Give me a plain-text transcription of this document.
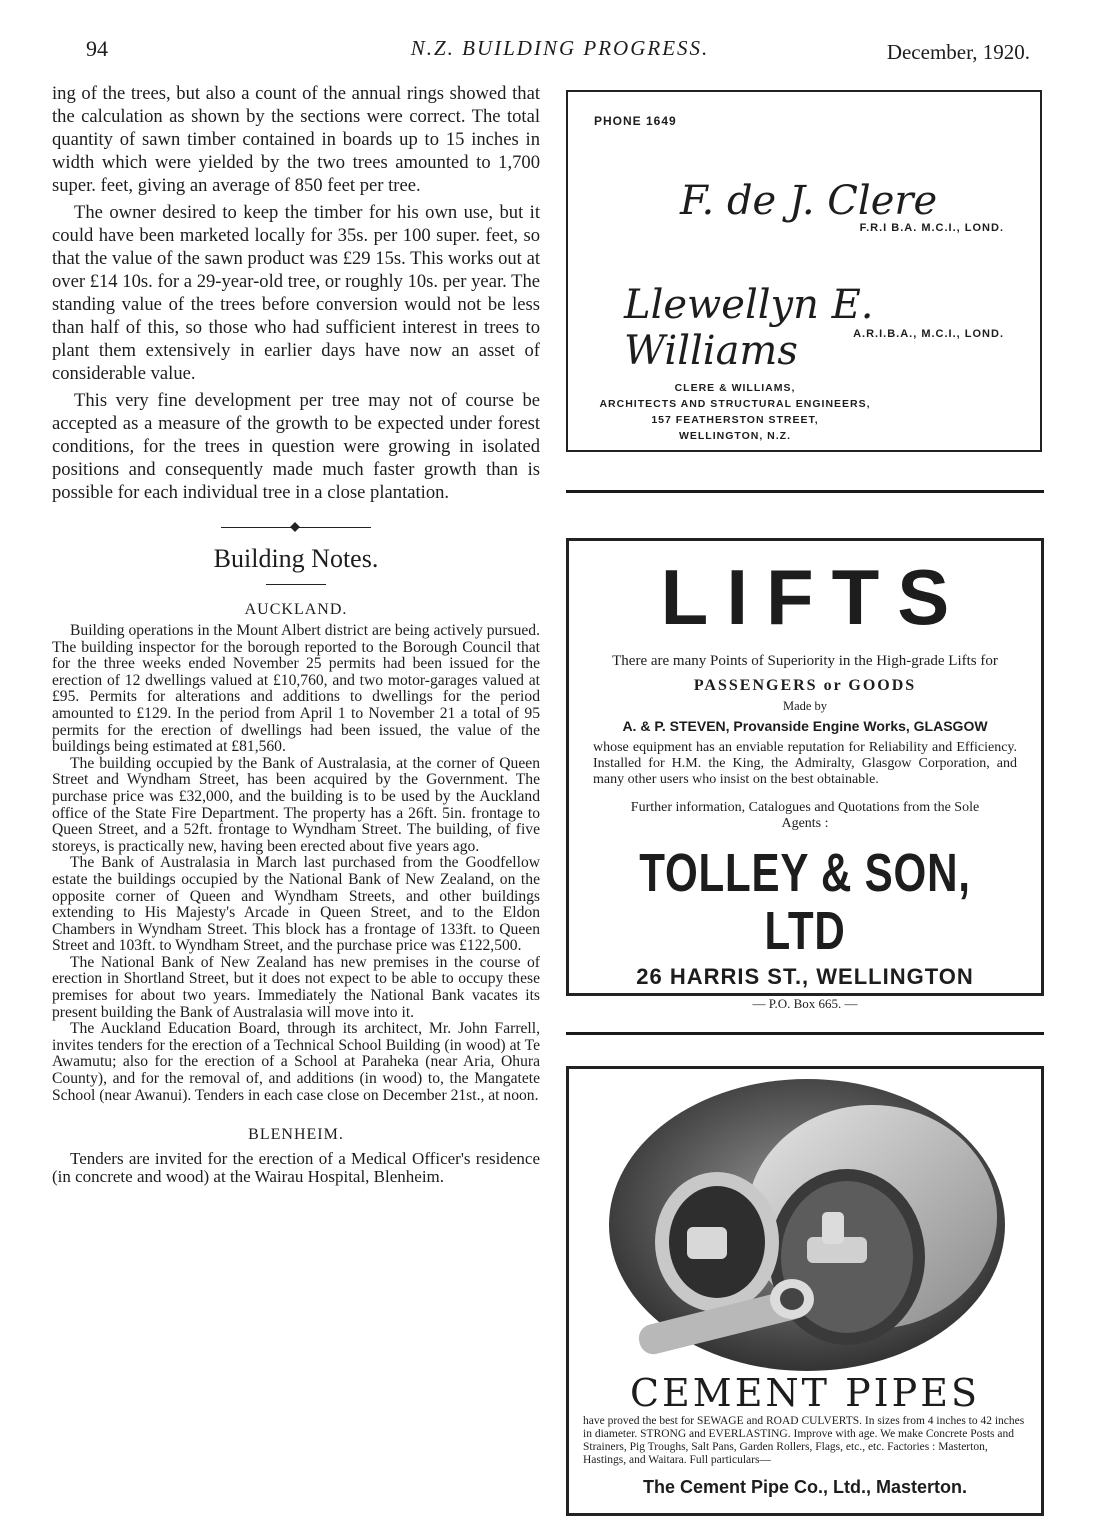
94	N.Z. BUILDING PROGRESS.	December, 1920.

ing of the trees, but also a count of the annual rings showed that the calculation as shown by the sections were correct. The total quantity of sawn timber contained in boards up to 15 inches in width which were yielded by the two trees amounted to 1,700 super. feet, giving an average of 850 feet per tree.

The owner desired to keep the timber for his own use, but it could have been marketed locally for 35s. per 100 super. feet, so that the value of the sawn product was £29 15s. This works out at over £14 10s. for a 29-year-old tree, or roughly 10s. per year. The standing value of the trees before conversion would not be less than half of this, so those who had sufficient interest in trees to plant them extensively in earlier days have now an asset of considerable value.

This very fine development per tree may not of course be accepted as a measure of the growth to be expected under forest conditions, for the trees in question were growing in isolated positions and consequently made much faster growth than is possible for each individual tree in a close plantation.

Building Notes.
AUCKLAND.

Building operations in the Mount Albert district are being actively pursued. The building inspector for the borough reported to the Borough Council that for the three weeks ended November 25 permits had been issued for the erection of 12 dwellings valued at £10,760, and two motor-garages valued at £95. Permits for alterations and additions to dwellings for the period amounted to £129. In the period from April 1 to November 21 a total of 95 permits for the erection of dwellings had been issued, the value of the buildings being estimated at £81,560.

The building occupied by the Bank of Australasia, at the corner of Queen Street and Wyndham Street, has been acquired by the Government. The purchase price was £32,000, and the building is to be used by the Auckland office of the State Fire Department. The property has a 26ft. 5in. frontage to Queen Street, and a 52ft. frontage to Wyndham Street. The building, of five storeys, is practically new, having been erected about five years ago.

The Bank of Australasia in March last purchased from the Goodfellow estate the buildings occupied by the National Bank of New Zealand, on the opposite corner of Queen and Wyndham Streets, and other buildings extending to His Majesty's Arcade in Queen Street, and to the Eldon Chambers in Wyndham Street. This block has a frontage of 133ft. to Queen Street and 103ft. to Wyndham Street, and the purchase price was £122,500.

The National Bank of New Zealand has new premises in the course of erection in Shortland Street, but it does not expect to be able to occupy these premises for about two years. Immediately the National Bank vacates its present building the Bank of Australasia will move into it.

The Auckland Education Board, through its architect, Mr. John Farrell, invites tenders for the erection of a Technical School Building (in wood) at Te Awamutu; also for the erection of a School at Paraheka (near Aria, Ohura County), and for the removal of, and additions (in wood) to, the Mangatete School (near Awanui). Tenders in each case close on December 21st., at noon.

BLENHEIM.

Tenders are invited for the erection of a Medical Officer's residence (in concrete and wood) at the Wairau Hospital, Blenheim.

PHONE 1649
F. de J. Clere
F.R.I B.A. M.C.I., LOND.
Llewellyn E. Williams	A.R.I.B.A., M.C.I., LOND.
CLERE & WILLIAMS,
ARCHITECTS AND STRUCTURAL ENGINEERS,
157 FEATHERSTON STREET,
WELLINGTON, N.Z.
LIFTS
There are many Points of Superiority in the High-grade Lifts for
PASSENGERS or GOODS
Made by
A. & P. STEVEN, Provanside Engine Works, GLASGOW
whose equipment has an enviable reputation for Reliability and Efficiency. Installed for H.M. the King, the Admiralty, Glasgow Corporation, and many other users who insist on the best obtainable.
Further information, Catalogues and Quotations from the Sole Agents :
TOLLEY & SON, LTD
26 HARRIS ST., WELLINGTON
— P.O. Box 665. —
CEMENT PIPES
have proved the best for SEWAGE and ROAD CULVERTS. In sizes from 4 inches to 42 inches in diameter. STRONG and EVERLASTING. Improve with age. We make Concrete Posts and Strainers, Pig Troughs, Salt Pans, Garden Rollers, Flags, etc., etc. Factories : Masterton, Hastings, and Waitara. Full particulars—
The Cement Pipe Co., Ltd., Masterton.
